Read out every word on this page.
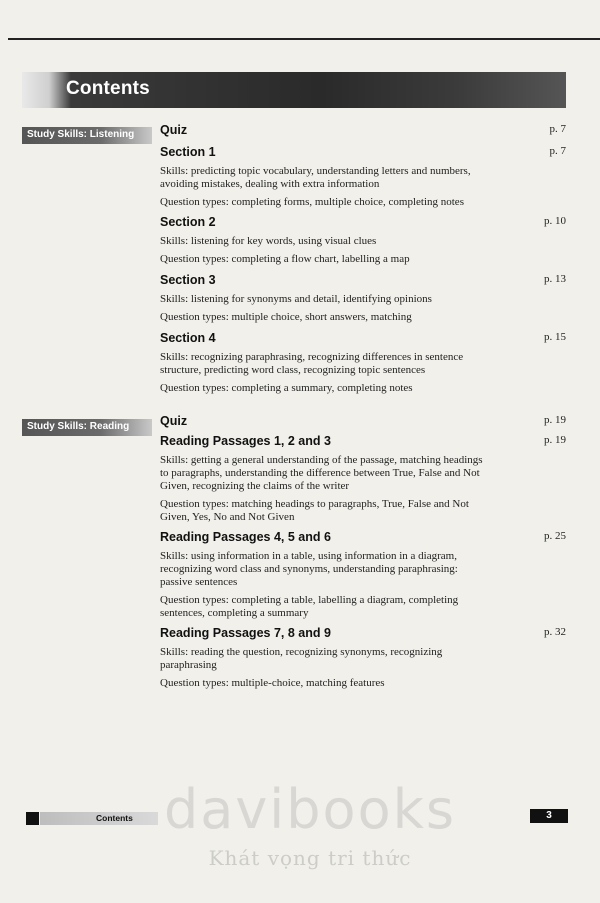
Contents
Study Skills: Listening
Study Skills: Reading
Quiz	p. 7
Section 1	p. 7

Skills: predicting topic vocabulary, understanding letters and numbers, avoiding mistakes, dealing with extra information

Question types: completing forms, multiple choice, completing notes

Section 2	p. 10

Skills: listening for key words, using visual clues

Question types: completing a flow chart, labelling a map

Section 3	p. 13

Skills: listening for synonyms and detail, identifying opinions

Question types: multiple choice, short answers, matching

Section 4	p. 15

Skills: recognizing paraphrasing, recognizing differences in sentence structure, predicting word class, recognizing topic sentences

Question types: completing a summary, completing notes

Quiz	p. 19
Reading Passages 1, 2 and 3	p. 19

Skills: getting a general understanding of the passage, matching headings to paragraphs, understanding the difference between True, False and Not Given, recognizing the claims of the writer

Question types: matching headings to paragraphs, True, False and Not Given, Yes, No and Not Given

Reading Passages 4, 5 and 6	p. 25

Skills: using information in a table, using information in a diagram, recognizing word class and synonyms, understanding paraphrasing: passive sentences

Question types: completing a table, labelling a diagram, completing sentences, completing a summary

Reading Passages 7, 8 and 9	p. 32

Skills: reading the question, recognizing synonyms, recognizing paraphrasing

Question types: multiple-choice, matching features

Contents	3
davibooks
Khát vọng tri thức
